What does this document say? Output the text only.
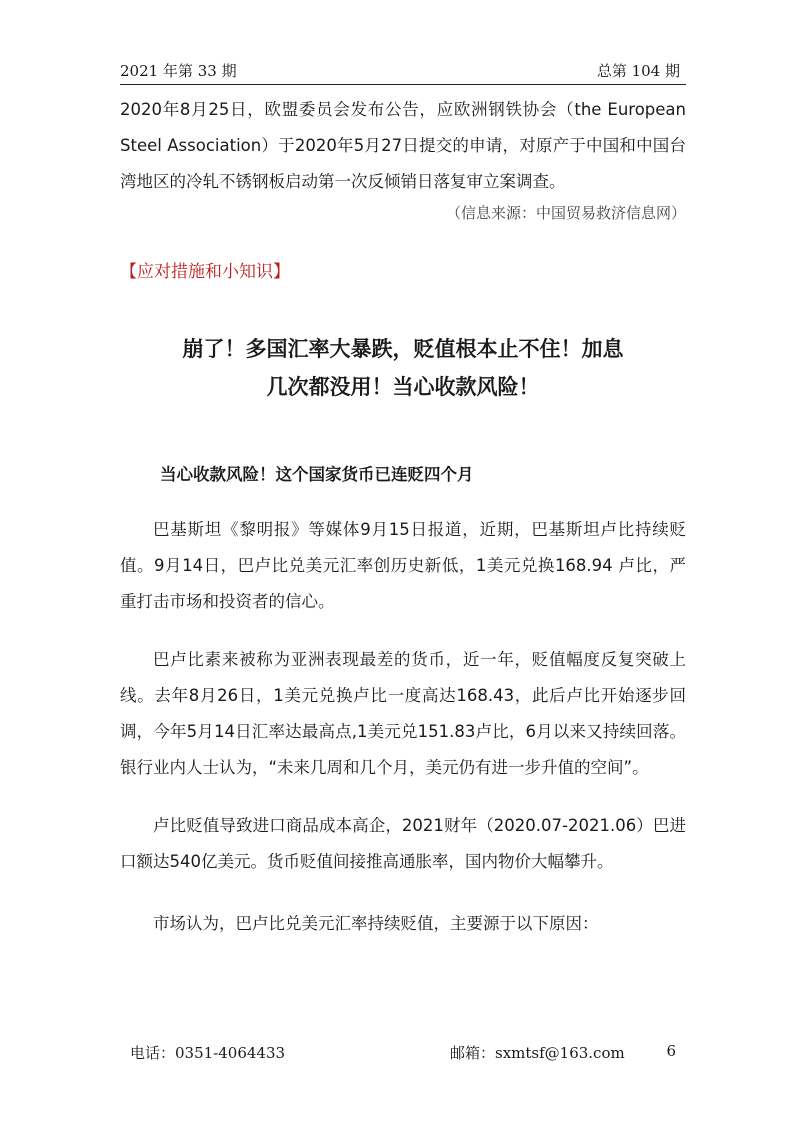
2021 年第 33 期	总第 104 期

2020年8月25日，欧盟委员会发布公告，应欧洲钢铁协会（the European Steel Association）于2020年5月27日提交的申请，对原产于中国和中国台湾地区的冷轧不锈钢板启动第一次反倾销日落复审立案调查。

（信息来源：中国贸易救济信息网）

【应对措施和小知识】

崩了！多国汇率大暴跌，贬值根本止不住！加息
几次都没用！当心收款风险！

当心收款风险！这个国家货币已连贬四个月

巴基斯坦《黎明报》等媒体9月15日报道，近期，巴基斯坦卢比持续贬值。9月14日，巴卢比兑美元汇率创历史新低，1美元兑换168.94 卢比，严重打击市场和投资者的信心。

巴卢比素来被称为亚洲表现最差的货币，近一年，贬值幅度反复突破上线。去年8月26日，1美元兑换卢比一度高达168.43，此后卢比开始逐步回调，今年5月14日汇率达最高点,1美元兑151.83卢比，6月以来又持续回落。银行业内人士认为，“未来几周和几个月，美元仍有进一步升值的空间”。

卢比贬值导致进口商品成本高企，2021财年（2020.07-2021.06）巴进口额达540亿美元。货币贬值间接推高通胀率，国内物价大幅攀升。

市场认为，巴卢比兑美元汇率持续贬值，主要源于以下原因：

电话：0351-4064433	邮箱：sxmtsf@163.com	6
